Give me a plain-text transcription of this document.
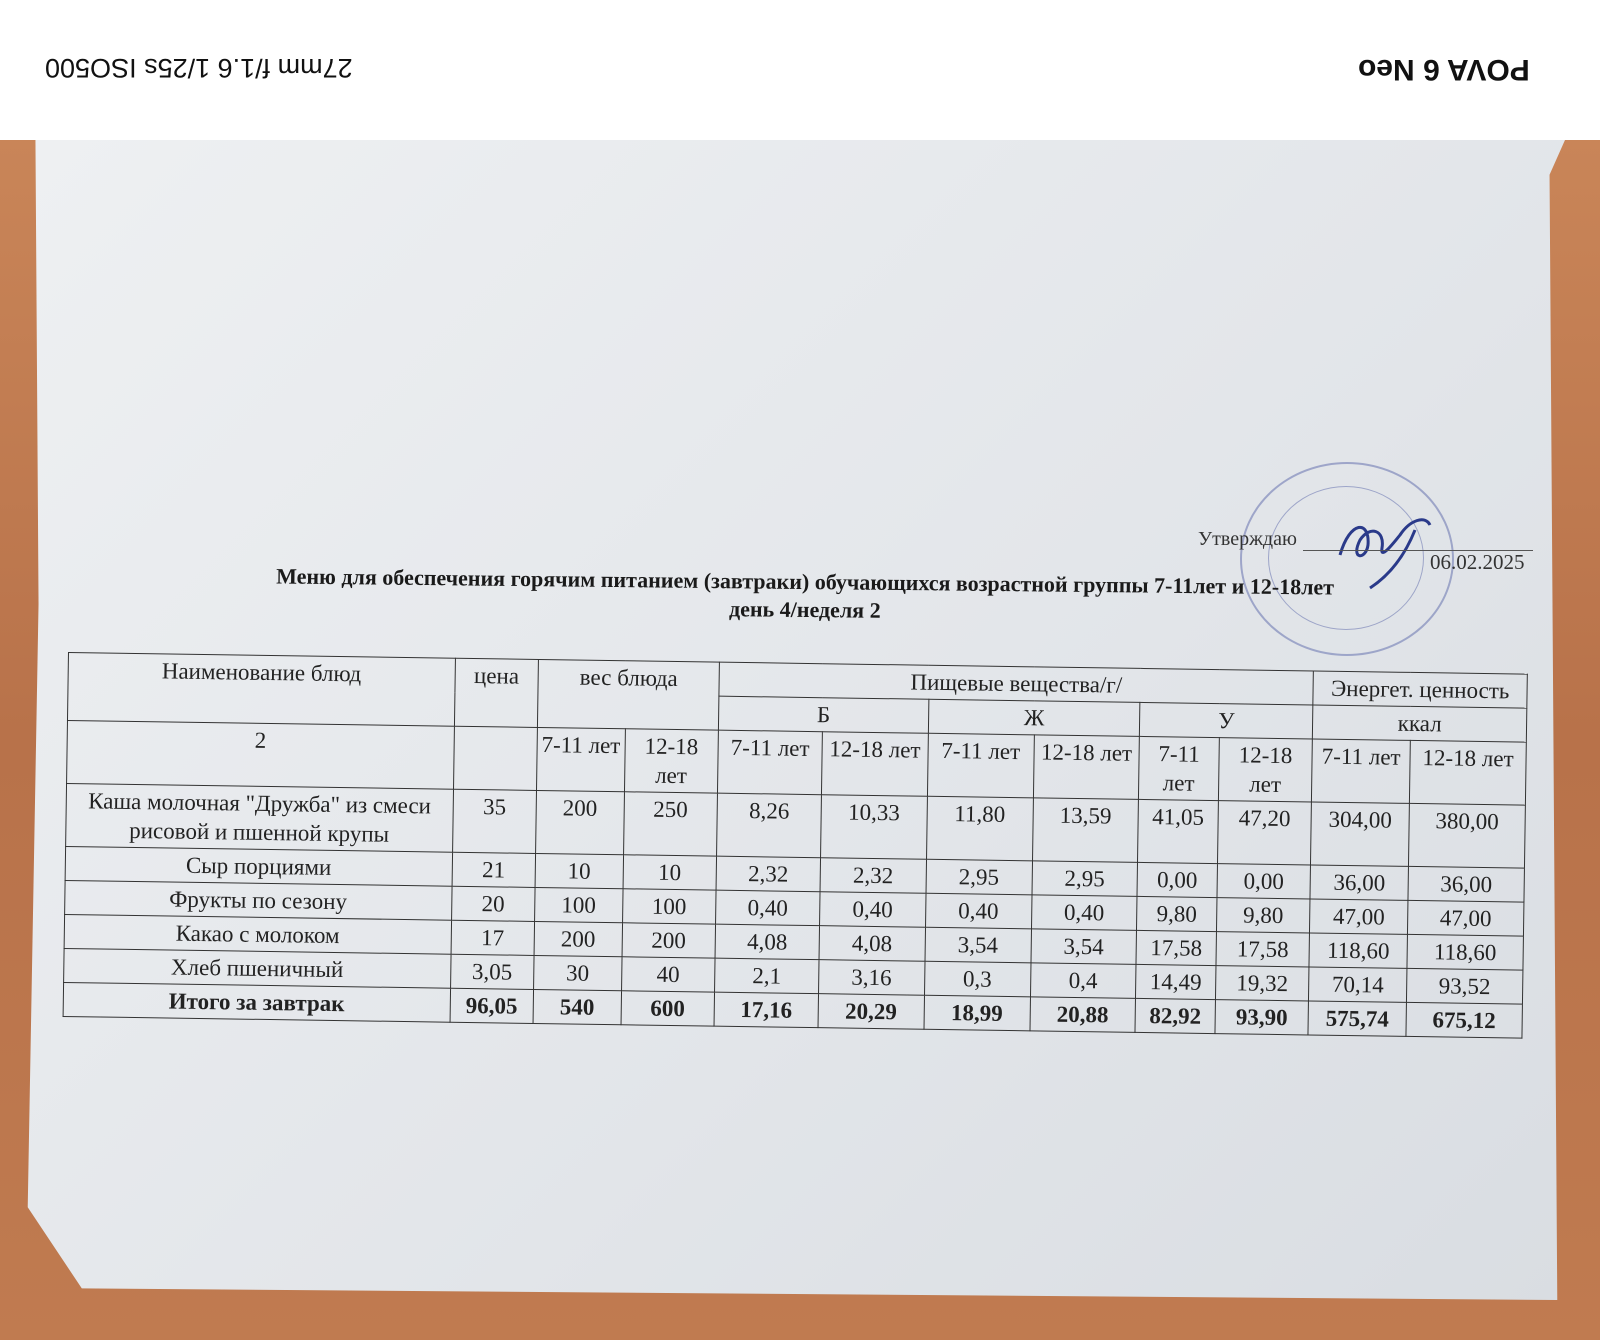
27mm f/1.6 1/25s ISO500	POVA 6 Neo
Утверждаю
06.02.2025
Меню для обеспечения горячим питанием (завтраки) обучающихся возрастной группы 7-11лет и 12-18лет
день 4/неделя 2
Наименование блюд	цена	вес блюда		Пищевые вещества/г/						Энергет. ценность	
				Б		Ж		У		ккал	
2		7-11 лет	12-18 лет	7-11 лет	12-18 лет	7-11 лет	12-18 лет	7-11 лет	12-18 лет	7-11 лет	12-18 лет
Каша молочная "Дружба" из смеси рисовой и пшенной крупы	35	200	250	8,26	10,33	11,80	13,59	41,05	47,20	304,00	380,00
Сыр порциями	21	10	10	2,32	2,32	2,95	2,95	0,00	0,00	36,00	36,00
Фрукты по сезону	20	100	100	0,40	0,40	0,40	0,40	9,80	9,80	47,00	47,00
Какао с молоком	17	200	200	4,08	4,08	3,54	3,54	17,58	17,58	118,60	118,60
Хлеб пшеничный	3,05	30	40	2,1	3,16	0,3	0,4	14,49	19,32	70,14	93,52
Итого за завтрак	96,05	540	600	17,16	20,29	18,99	20,88	82,92	93,90	575,74	675,12
